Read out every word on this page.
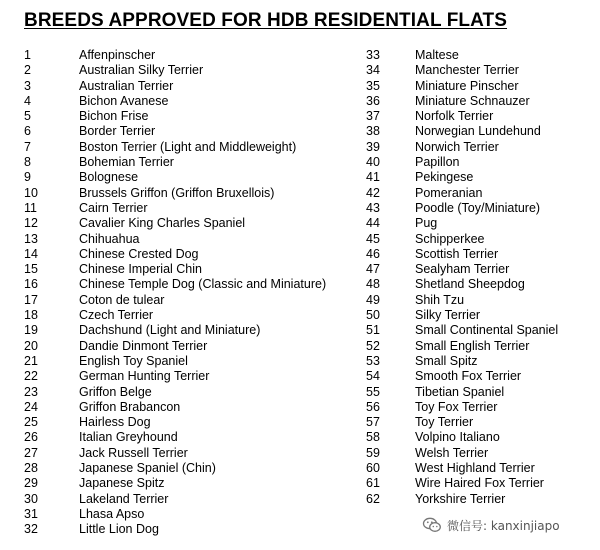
BREEDS APPROVED FOR HDB RESIDENTIAL FLATS
1	Affenpinscher
2	Australian Silky Terrier
3	Australian Terrier
4	Bichon Avanese
5	Bichon Frise
6	Border Terrier
7	Boston Terrier (Light and Middleweight)
8	Bohemian Terrier
9	Bolognese
10	Brussels Griffon (Griffon Bruxellois)
11	Cairn Terrier
12	Cavalier King Charles Spaniel
13	Chihuahua
14	Chinese Crested Dog
15	Chinese Imperial Chin
16	Chinese Temple Dog (Classic and Miniature)
17	Coton de tulear
18	Czech Terrier
19	Dachshund (Light and Miniature)
20	Dandie Dinmont Terrier
21	English Toy Spaniel
22	German Hunting Terrier
23	Griffon Belge
24	Griffon Brabancon
25	Hairless Dog
26	Italian Greyhound
27	Jack Russell Terrier
28	Japanese Spaniel (Chin)
29	Japanese Spitz
30	Lakeland Terrier
31	Lhasa Apso
32	Little Lion Dog
33	Maltese
34	Manchester Terrier
35	Miniature Pinscher
36	Miniature Schnauzer
37	Norfolk Terrier
38	Norwegian Lundehund
39	Norwich Terrier
40	Papillon
41	Pekingese
42	Pomeranian
43	Poodle (Toy/Miniature)
44	Pug
45	Schipperkee
46	Scottish Terrier
47	Sealyham Terrier
48	Shetland Sheepdog
49	Shih Tzu
50	Silky Terrier
51	Small Continental Spaniel
52	Small English Terrier
53	Small Spitz
54	Smooth Fox Terrier
55	Tibetian Spaniel
56	Toy Fox Terrier
57	Toy Terrier
58	Volpino Italiano
59	Welsh Terrier
60	West Highland Terrier
61	Wire Haired Fox Terrier
62	Yorkshire Terrier
微信号: kanxinjiapo
